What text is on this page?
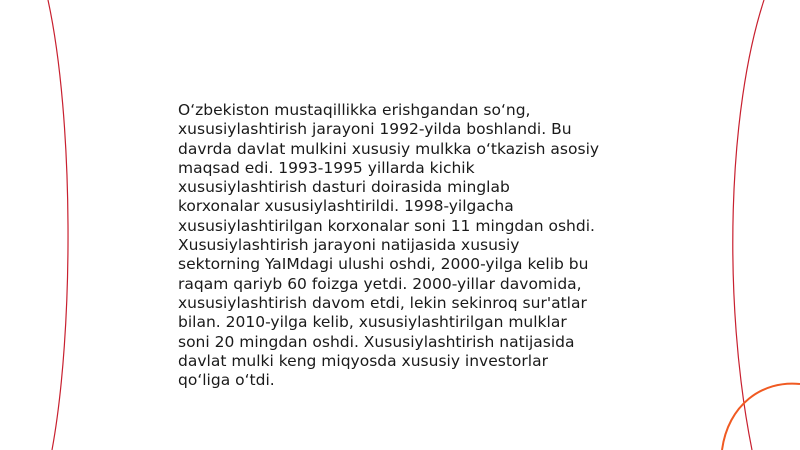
O‘zbekiston mustaqillikka erishgandan so‘ng,
xususiylashtirish jarayoni 1992-yilda boshlandi. Bu
davrda davlat mulkini xususiy mulkka o‘tkazish asosiy
maqsad edi. 1993-1995 yillarda kichik
xususiylashtirish dasturi doirasida minglab
korxonalar xususiylashtirildi. 1998-yilgacha
xususiylashtirilgan korxonalar soni 11 mingdan oshdi.
Xususiylashtirish jarayoni natijasida xususiy
sektorning YaIMdagi ulushi oshdi, 2000-yilga kelib bu
raqam qariyb 60 foizga yetdi. 2000-yillar davomida,
xususiylashtirish davom etdi, lekin sekinroq sur'atlar
bilan. 2010-yilga kelib, xususiylashtirilgan mulklar
soni 20 mingdan oshdi. Xususiylashtirish natijasida
davlat mulki keng miqyosda xususiy investorlar
qo‘liga o‘tdi.
